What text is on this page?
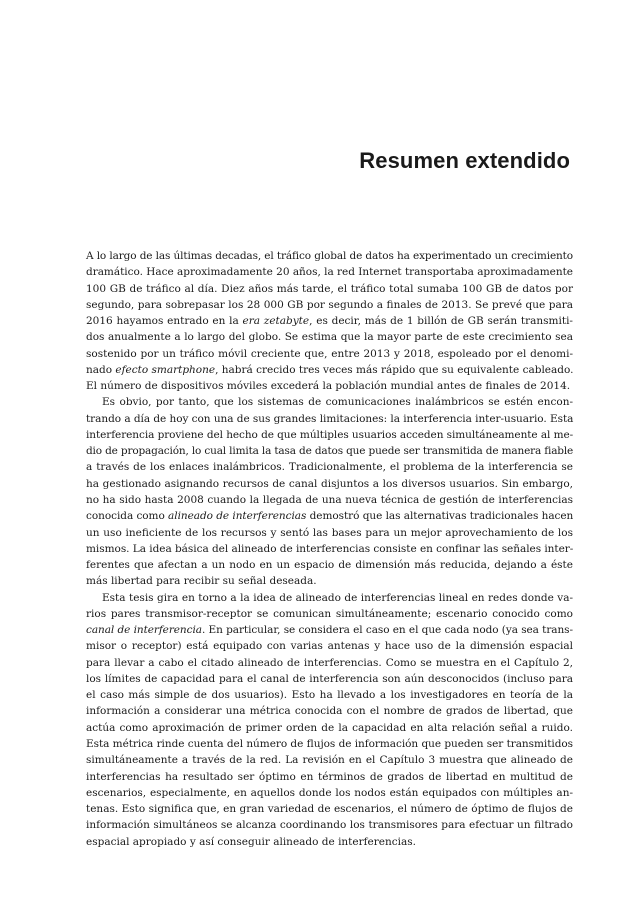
Resumen extendido
A lo largo de las últimas decadas, el tráfico global de datos ha experimentado un crecimiento
dramático. Hace aproximadamente 20 años, la red Internet transportaba aproximadamente
100 GB de tráfico al día. Diez años más tarde, el tráfico total sumaba 100 GB de datos por
segundo, para sobrepasar los 28 000 GB por segundo a finales de 2013. Se prevé que para
2016 hayamos entrado en la era zetabyte, es decir, más de 1 billón de GB serán transmiti-
dos anualmente a lo largo del globo. Se estima que la mayor parte de este crecimiento sea
sostenido por un tráfico móvil creciente que, entre 2013 y 2018, espoleado por el denomi-
nado efecto smartphone, habrá crecido tres veces más rápido que su equivalente cableado.
El número de dispositivos móviles excederá la población mundial antes de finales de 2014.
Es obvio, por tanto, que los sistemas de comunicaciones inalámbricos se estén encon-
trando a día de hoy con una de sus grandes limitaciones: la interferencia inter-usuario. Esta
interferencia proviene del hecho de que múltiples usuarios acceden simultáneamente al me-
dio de propagación, lo cual limita la tasa de datos que puede ser transmitida de manera fiable
a través de los enlaces inalámbricos. Tradicionalmente, el problema de la interferencia se
ha gestionado asignando recursos de canal disjuntos a los diversos usuarios. Sin embargo,
no ha sido hasta 2008 cuando la llegada de una nueva técnica de gestión de interferencias
conocida como alineado de interferencias demostró que las alternativas tradicionales hacen
un uso ineficiente de los recursos y sentó las bases para un mejor aprovechamiento de los
mismos. La idea básica del alineado de interferencias consiste en confinar las señales inter-
ferentes que afectan a un nodo en un espacio de dimensión más reducida, dejando a éste
más libertad para recibir su señal deseada.
Esta tesis gira en torno a la idea de alineado de interferencias lineal en redes donde va-
rios pares transmisor-receptor se comunican simultáneamente; escenario conocido como
canal de interferencia. En particular, se considera el caso en el que cada nodo (ya sea trans-
misor o receptor) está equipado con varias antenas y hace uso de la dimensión espacial
para llevar a cabo el citado alineado de interferencias. Como se muestra en el Capítulo 2,
los límites de capacidad para el canal de interferencia son aún desconocidos (incluso para
el caso más simple de dos usuarios). Esto ha llevado a los investigadores en teoría de la
información a considerar una métrica conocida con el nombre de grados de libertad, que
actúa como aproximación de primer orden de la capacidad en alta relación señal a ruido.
Esta métrica rinde cuenta del número de flujos de información que pueden ser transmitidos
simultáneamente a través de la red. La revisión en el Capítulo 3 muestra que alineado de
interferencias ha resultado ser óptimo en términos de grados de libertad en multitud de
escenarios, especialmente, en aquellos donde los nodos están equipados con múltiples an-
tenas. Esto significa que, en gran variedad de escenarios, el número de óptimo de flujos de
información simultáneos se alcanza coordinando los transmisores para efectuar un filtrado
espacial apropiado y así conseguir alineado de interferencias.
